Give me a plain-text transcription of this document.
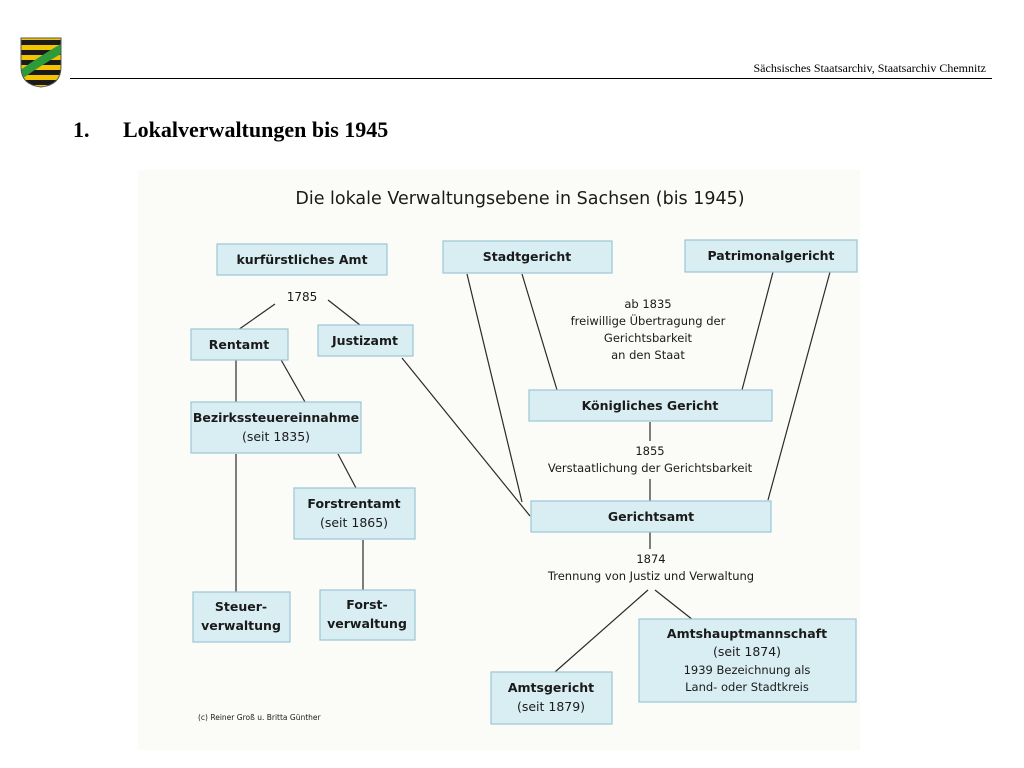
Sächsisches Staatsarchiv, Staatsarchiv Chemnitz
1. Lokalverwaltungen bis 1945
Die lokale Verwaltungsebene in Sachsen (bis 1945)
(c) Reiner Groß u. Britta Günther
kurfürstliches Amt	Stadtgericht	Patrimonalgericht
Rentamt	Justizamt
Bezirkssteuereinnahme
(seit 1835)
Königliches Gericht
Forstrentamt
(seit 1865)	Gerichtsamt
Steuer-
verwaltung
Forst-
verwaltung
Amtshauptmannschaft
(seit 1874)
1939 Bezeichnung als
Land- oder Stadtkreis
Amtsgericht
(seit 1879)
1785	ab 1835
freiwillige Übertragung der
Gerichtsbarkeit
an den Staat
1855
Verstaatlichung der Gerichtsbarkeit
1874
Trennung von Justiz und Verwaltung
